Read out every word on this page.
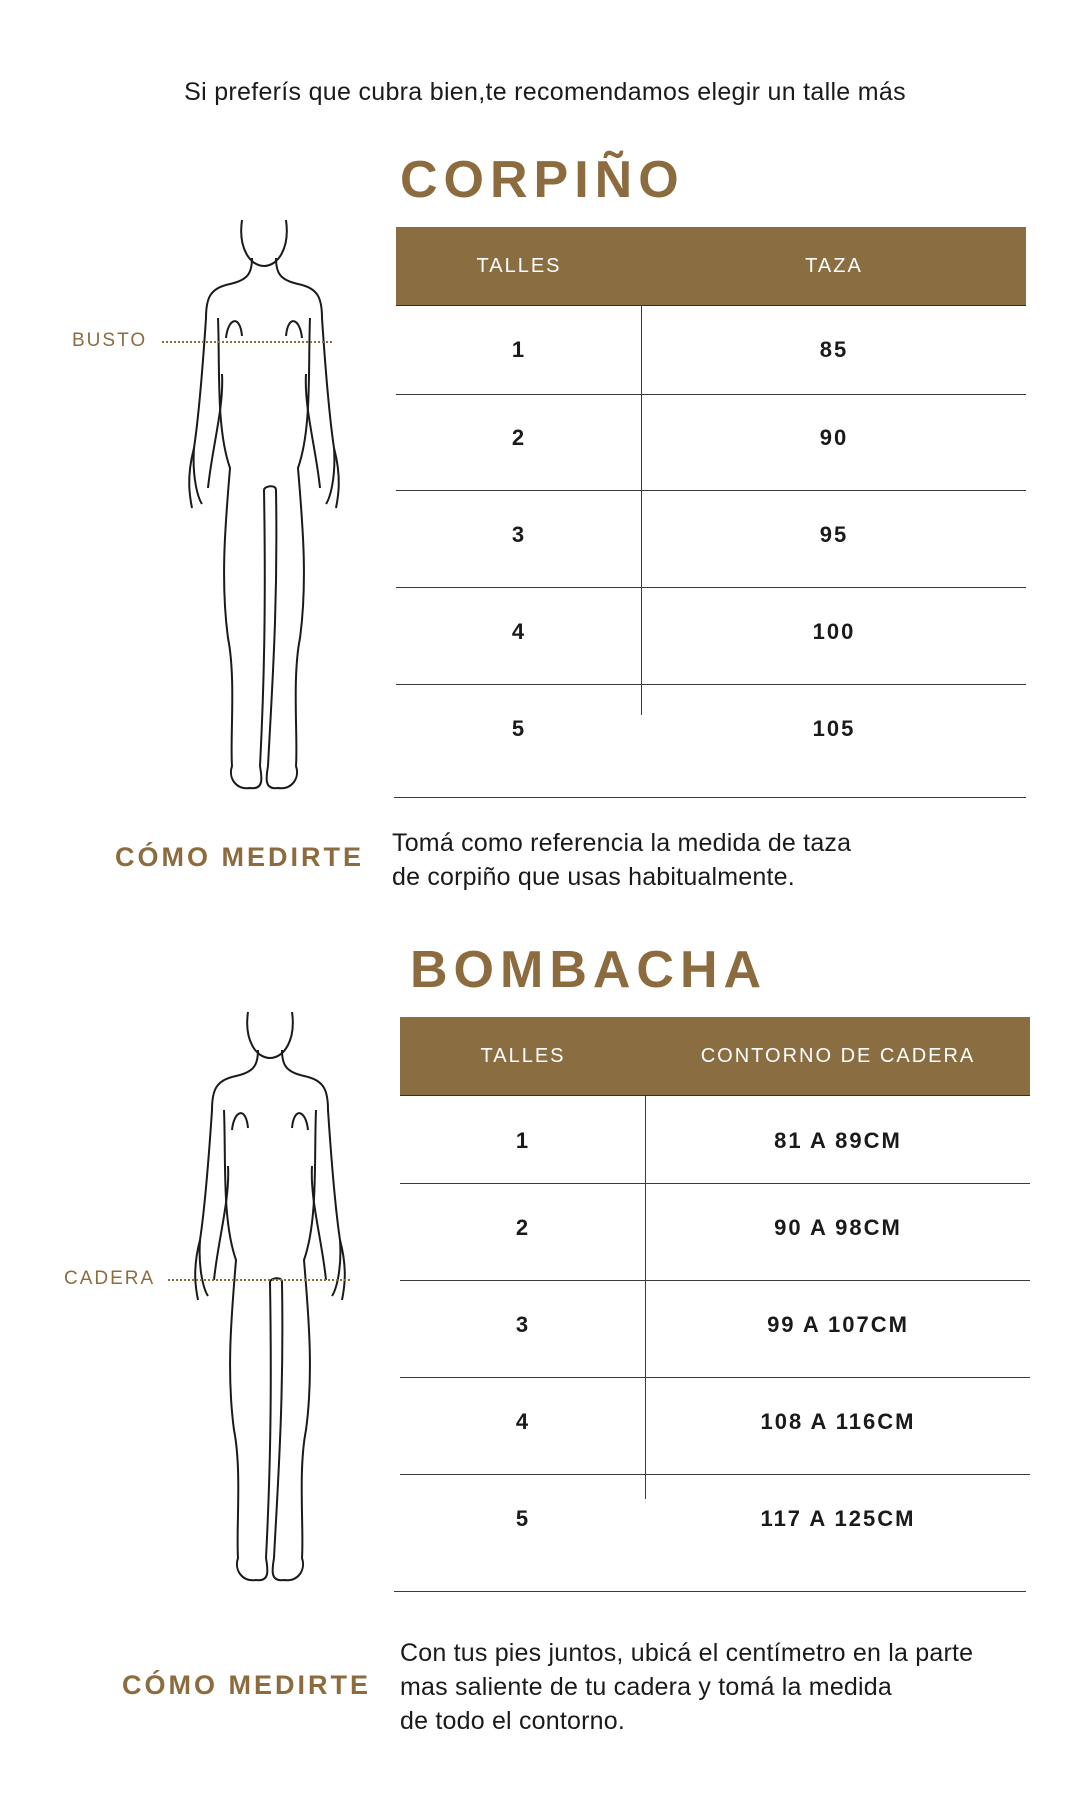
Si preferís que cubra bien,te recomendamos elegir un talle más
CORPIÑO
BUSTO
TALLES	TAZA
1	85
2	90
3	95
4	100
5	105
CÓMO MEDIRTE Tomá como referencia la medida de taza
de corpiño que usas habitualmente.
BOMBACHA
CADERA
TALLES	CONTORNO DE CADERA
1	81 A 89CM
2	90 A 98CM
3	99 A 107CM
4	108 A 116CM
5	117 A 125CM
CÓMO MEDIRTE
Con tus pies juntos, ubicá el centímetro en la parte
mas saliente de tu cadera y tomá la medida
de todo el contorno.
